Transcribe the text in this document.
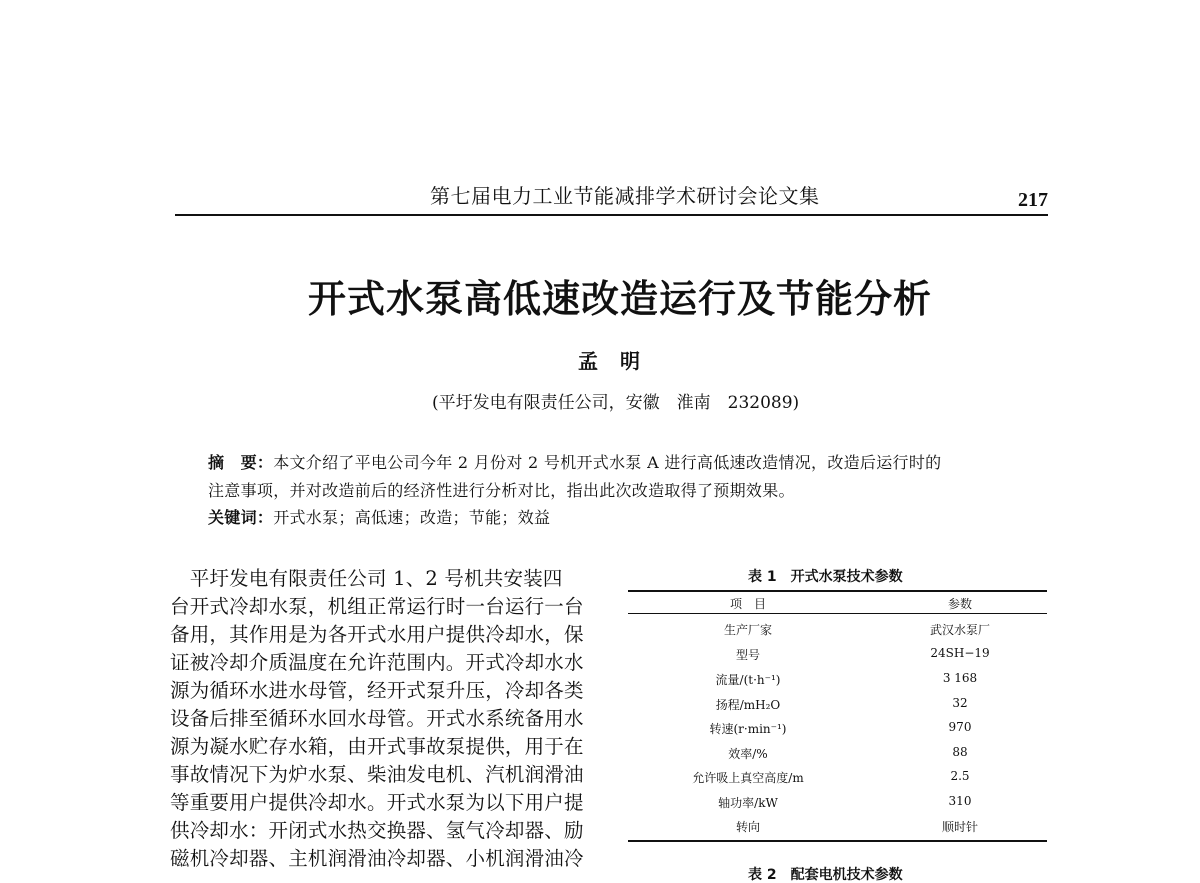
第七届电力工业节能减排学术研讨会论文集	217
开式水泵高低速改造运行及节能分析
孟明
(平圩发电有限责任公司，安徽　淮南　232089)
摘　要：本文介绍了平电公司今年 2 月份对 2 号机开式水泵 A 进行高低速改造情况，改造后运行时的
注意事项，并对改造前后的经济性进行分析对比，指出此次改造取得了预期效果。
关键词：开式水泵；高低速；改造；节能；效益
　平圩发电有限责任公司 1、2 号机共安装四
台开式冷却水泵，机组正常运行时一台运行一台
备用，其作用是为各开式水用户提供冷却水，保
证被冷却介质温度在允许范围内。开式冷却水水
源为循环水进水母管，经开式泵升压，冷却各类
设备后排至循环水回水母管。开式水系统备用水
源为凝水贮存水箱，由开式事故泵提供，用于在
事故情况下为炉水泵、柴油发电机、汽机润滑油
等重要用户提供冷却水。开式水泵为以下用户提
供冷却水：开闭式水热交换器、氢气冷却器、励
磁机冷却器、主机润滑油冷却器、小机润滑油冷
表 1　开式水泵技术参数
项　目	参数
生产厂家	武汉水泵厂
型号	24SH−19
流量/(t·h⁻¹)	3 168
扬程/mH₂O	32
转速(r·min⁻¹)	970
效率/%	88
允许吸上真空高度/m	2.5
轴功率/kW	310
转向	顺时针
表 2　配套电机技术参数
